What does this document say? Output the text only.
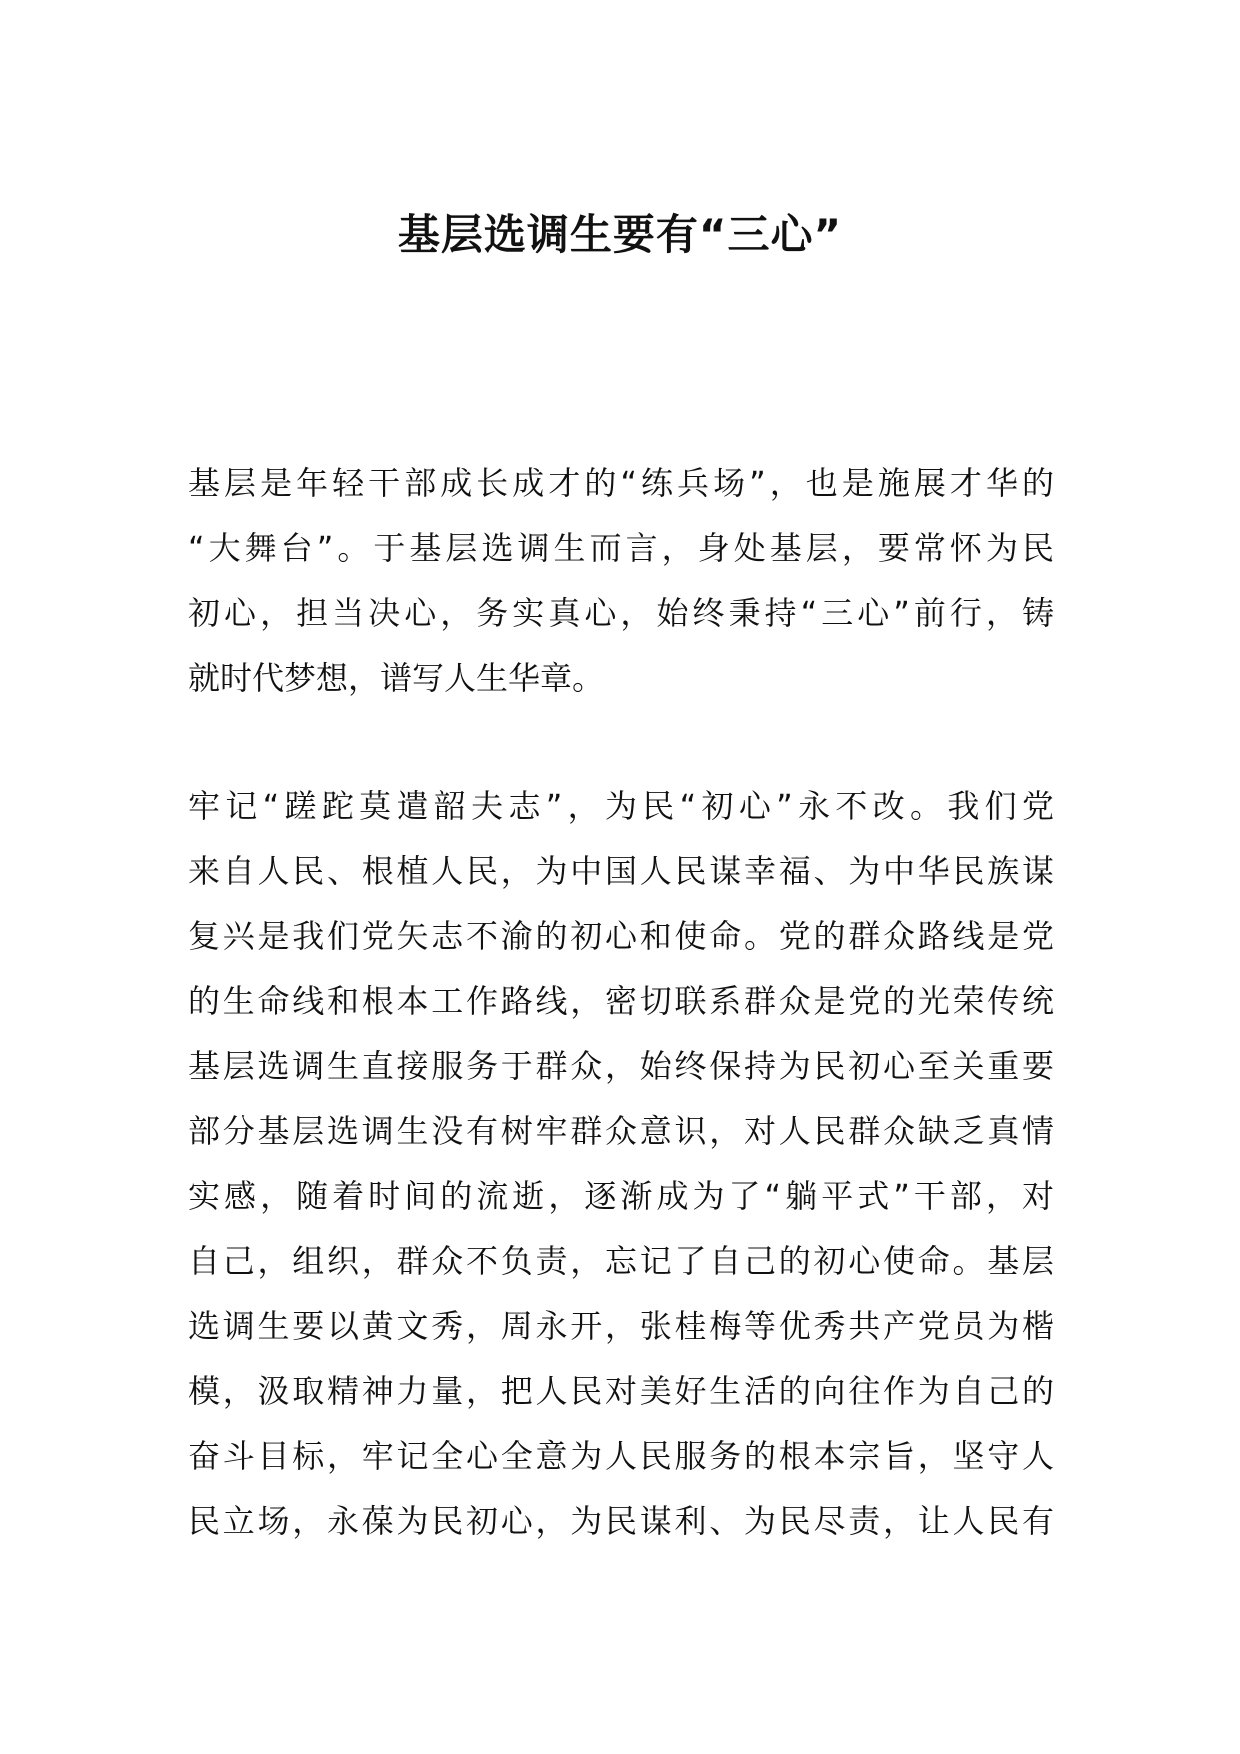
基层选调生要有“三心”
基层是年轻干部成长成才的“练兵场”，也是施展才华的
“大舞台”。于基层选调生而言，身处基层，要常怀为民
初心，担当决心，务实真心，始终秉持“三心”前行，铸
就时代梦想，谱写人生华章。
牢记“蹉跎莫遣韶夫志”，为民“初心”永不改。我们党
来自人民、根植人民，为中国人民谋幸福、为中华民族谋
复兴是我们党矢志不渝的初心和使命。党的群众路线是党
的生命线和根本工作路线，密切联系群众是党的光荣传统
基层选调生直接服务于群众，始终保持为民初心至关重要
部分基层选调生没有树牢群众意识，对人民群众缺乏真情
实感，随着时间的流逝，逐渐成为了“躺平式”干部，对
自己，组织，群众不负责，忘记了自己的初心使命。基层
选调生要以黄文秀，周永开，张桂梅等优秀共产党员为楷
模，汲取精神力量，把人民对美好生活的向往作为自己的
奋斗目标，牢记全心全意为人民服务的根本宗旨，坚守人
民立场，永葆为民初心，为民谋利、为民尽责，让人民有
